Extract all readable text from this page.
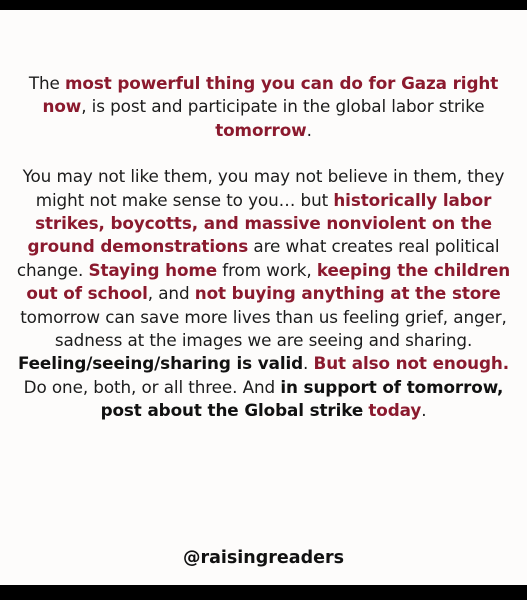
The most powerful thing you can do for Gaza right now, is post and participate in the global labor strike tomorrow.

You may not like them, you may not believe in them, they might not make sense to you… but historically labor strikes, boycotts, and massive nonviolent on the ground demonstrations are what creates real political change. Staying home from work, keeping the children out of school, and not buying anything at the store tomorrow can save more lives than us feeling grief, anger, sadness at the images we are seeing and sharing. Feeling/seeing/sharing is valid. But also not enough. Do one, both, or all three. And in support of tomorrow, post about the Global strike today.

@raisingreaders
